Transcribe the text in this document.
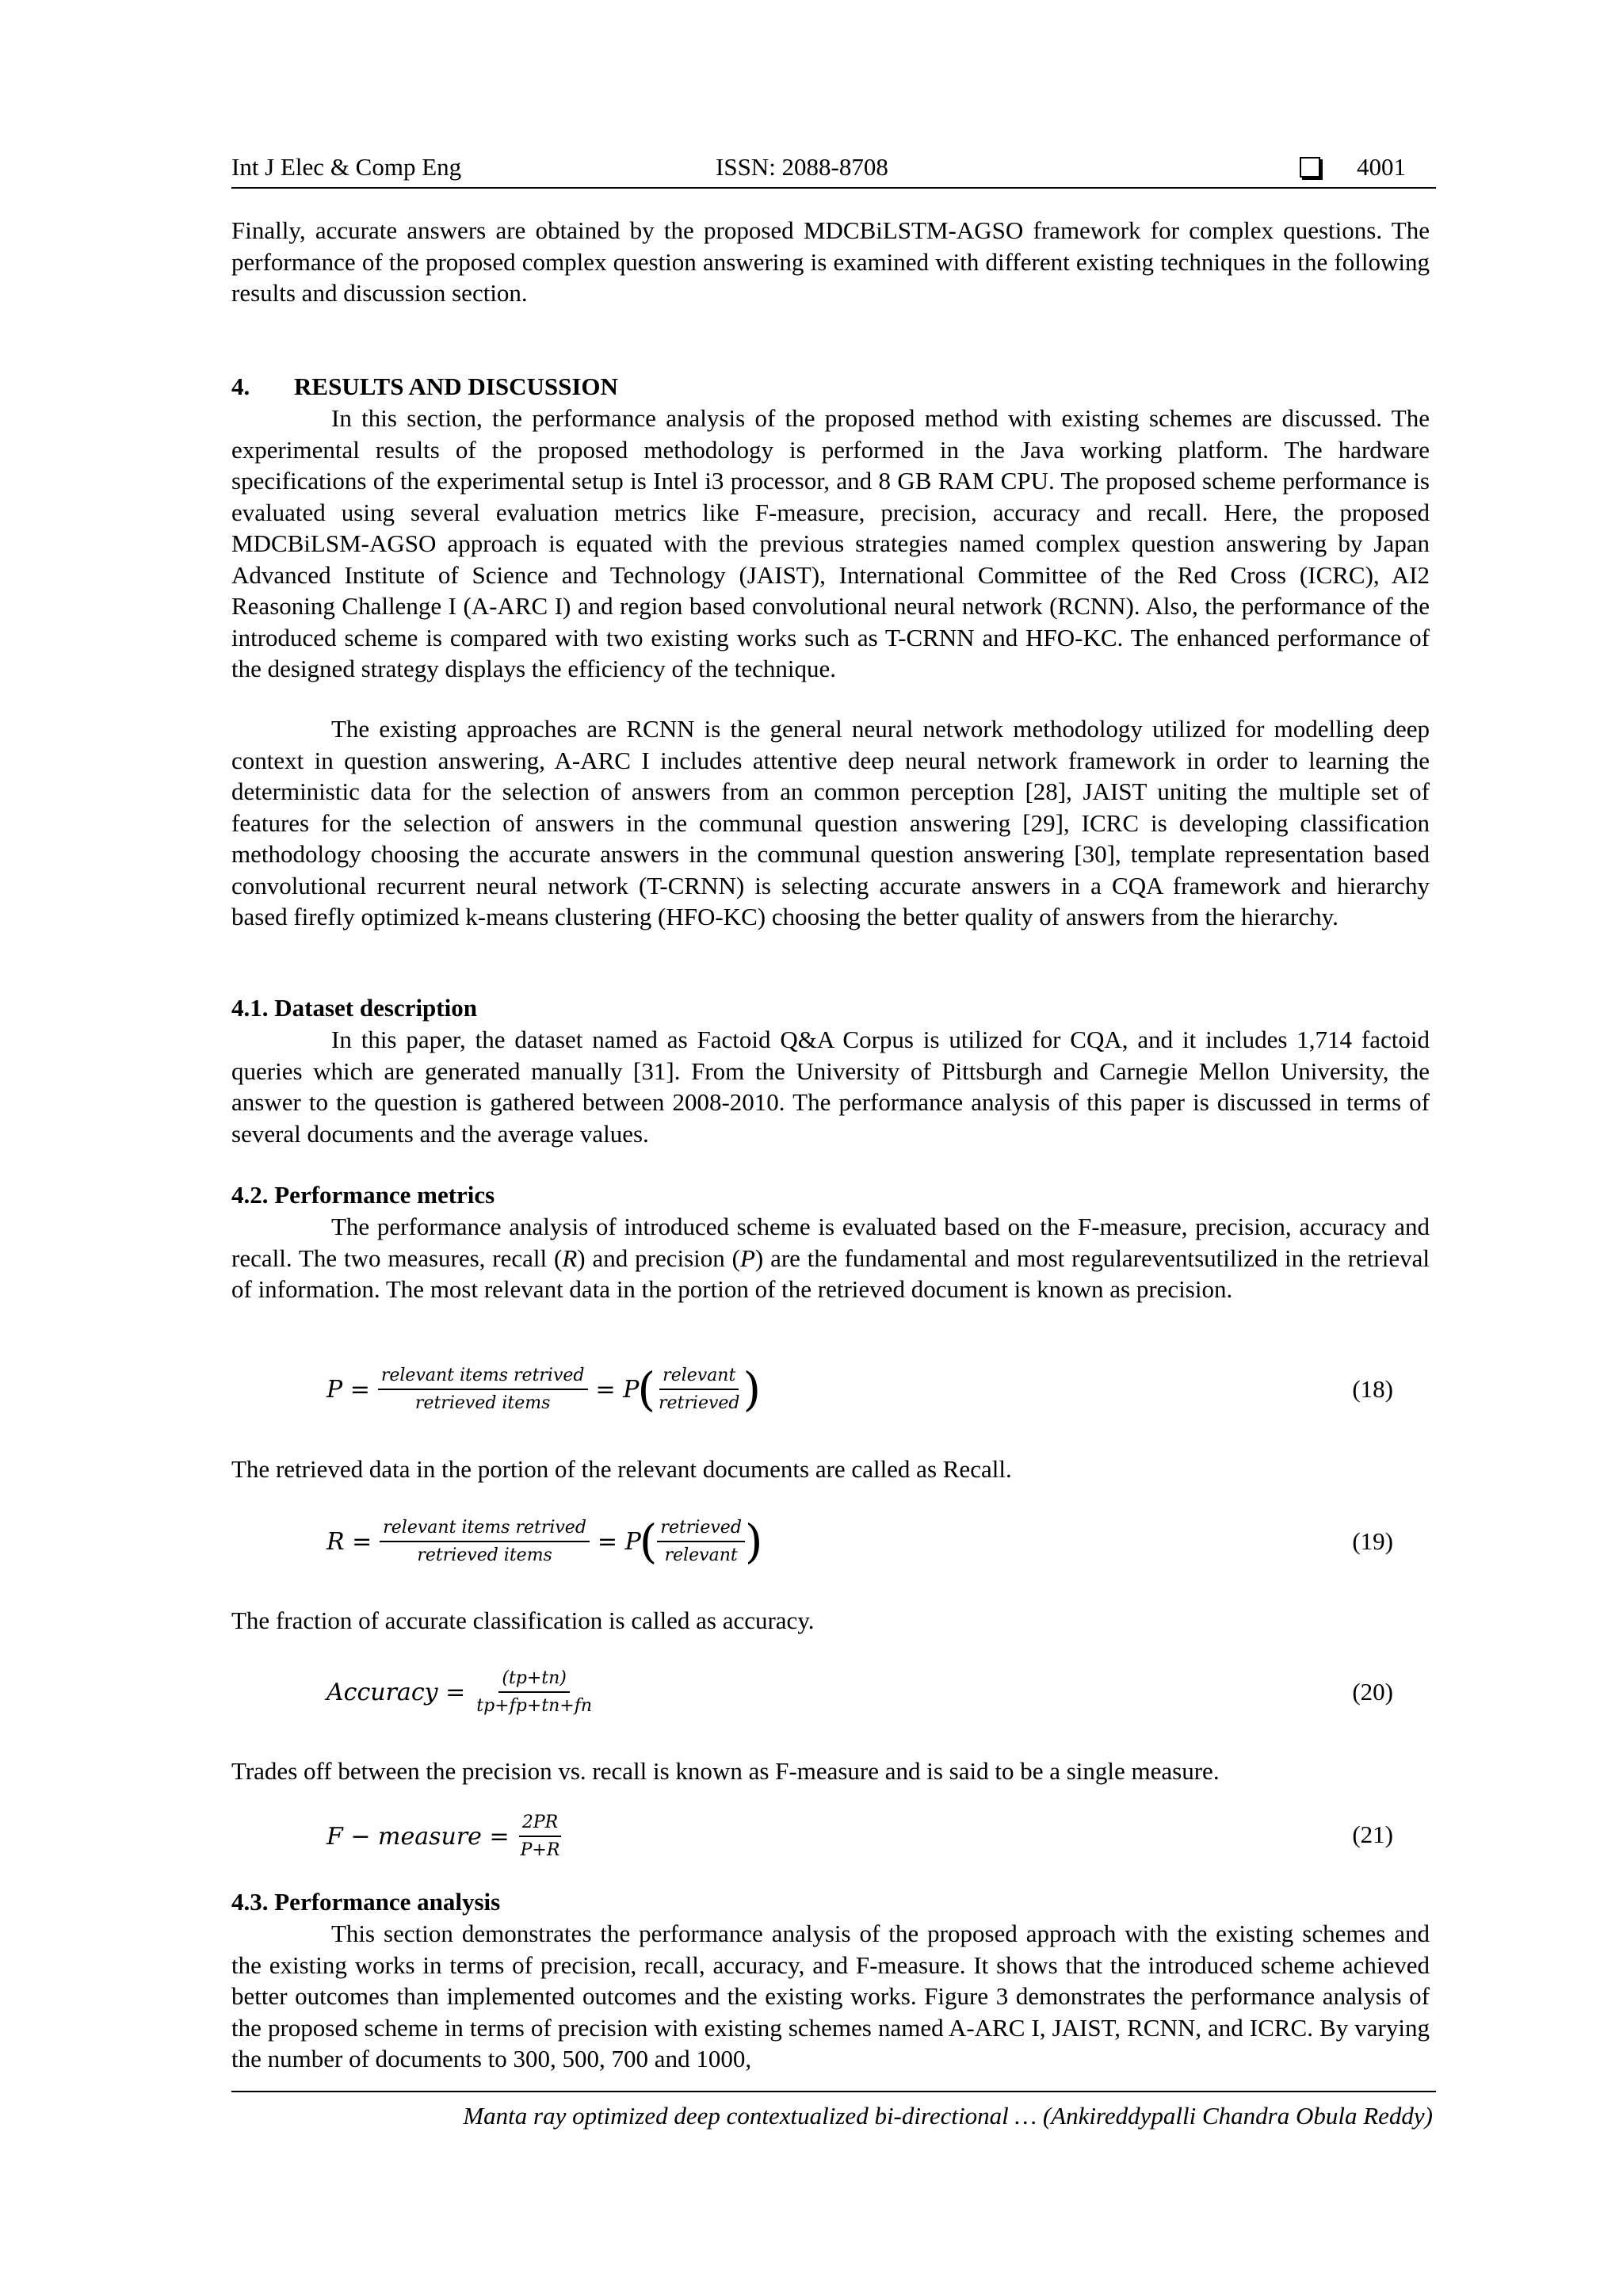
Int J Elec & Comp Eng	ISSN: 2088-8708	4001
Finally, accurate answers are obtained by the proposed MDCBiLSTM-AGSO framework for complex questions. The performance of the proposed complex question answering is examined with different existing techniques in the following results and discussion section.
4. RESULTS AND DISCUSSION
In this section, the performance analysis of the proposed method with existing schemes are discussed. The experimental results of the proposed methodology is performed in the Java working platform. The hardware specifications of the experimental setup is Intel i3 processor, and 8 GB RAM CPU. The proposed scheme performance is evaluated using several evaluation metrics like F-measure, precision, accuracy and recall. Here, the proposed MDCBiLSM-AGSO approach is equated with the previous strategies named complex question answering by Japan Advanced Institute of Science and Technology (JAIST), International Committee of the Red Cross (ICRC), AI2 Reasoning Challenge I (A-ARC I) and region based convolutional neural network (RCNN). Also, the performance of the introduced scheme is compared with two existing works such as T-CRNN and HFO-KC. The enhanced performance of the designed strategy displays the efficiency of the technique.
The existing approaches are RCNN is the general neural network methodology utilized for modelling deep context in question answering, A-ARC I includes attentive deep neural network framework in order to learning the deterministic data for the selection of answers from an common perception [28], JAIST uniting the multiple set of features for the selection of answers in the communal question answering [29], ICRC is developing classification methodology choosing the accurate answers in the communal question answering [30], template representation based convolutional recurrent neural network (T-CRNN) is selecting accurate answers in a CQA framework and hierarchy based firefly optimized k-means clustering (HFO-KC) choosing the better quality of answers from the hierarchy.
4.1. Dataset description
In this paper, the dataset named as Factoid Q&A Corpus is utilized for CQA, and it includes 1,714 factoid queries which are generated manually [31]. From the University of Pittsburgh and Carnegie Mellon University, the answer to the question is gathered between 2008-2010. The performance analysis of this paper is discussed in terms of several documents and the average values.
4.2. Performance metrics
The performance analysis of introduced scheme is evaluated based on the F-measure, precision, accuracy and recall. The two measures, recall (R) and precision (P) are the fundamental and most regulareventsutilized in the retrieval of information. The most relevant data in the portion of the retrieved document is known as precision.
$P = \frac{\text{relevant items retrived}}{\text{retrieved items}} = P$
( $\frac{\text{relevant}}{\text{retrieved}}$ )	(18)
The retrieved data in the portion of the relevant documents are called as Recall.
$R = \frac{\text{relevant items retrived}}{\text{retrieved items}} = P$
( $\frac{\text{retrieved}}{\text{relevant}}$ )	(19)
The fraction of accurate classification is called as accuracy.
Accuracy = $\frac{(tp+tn)}{tp+fp+tn+fn}$	(20)
Trades off between the precision vs. recall is known as F-measure and is said to be a single measure.
F − measure = $\frac{2PR}{P+R}$	(21)
4.3. Performance analysis
This section demonstrates the performance analysis of the proposed approach with the existing schemes and the existing works in terms of precision, recall, accuracy, and F-measure. It shows that the introduced scheme achieved better outcomes than implemented outcomes and the existing works. Figure 3 demonstrates the performance analysis of the proposed scheme in terms of precision with existing schemes named A-ARC I, JAIST, RCNN, and ICRC. By varying the number of documents to 300, 500, 700 and 1000,
Manta ray optimized deep contextualized bi-directional … (Ankireddypalli Chandra Obula Reddy)
